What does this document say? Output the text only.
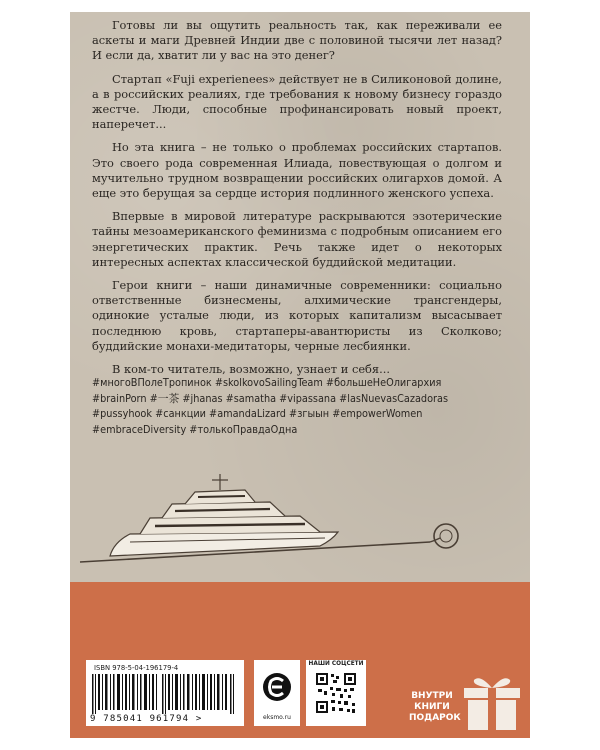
Готовы ли вы ощутить реальность так, как переживали ее аскеты и маги Древней Индии две с половиной тысячи лет назад? И если да, хватит ли у вас на это денег?

Стартап «Fuji experienees» действует не в Силиконовой долине, а в российских реалиях, где требования к новому бизнесу гораздо жестче. Люди, способные профинансировать новый проект, наперечет...

Но эта книга – не только о проблемах российских стартапов. Это своего рода современная Илиада, повествующая о долгом и мучительно трудном возвращении российских олигархов домой. А еще это берущая за сердце история подлинного женского успеха.

Впервые в мировой литературе раскрываются эзотерические тайны мезоамериканского феминизма с подробным описанием его энергетических практик. Речь также идет о некоторых интересных аспектах классической буддийской медитации.

Герои книги – наши динамичные современники: социально ответственные бизнесмены, алхимические трансгендеры, одинокие усталые люди, из которых капитализм высасывает последнюю кровь, стартаперы-авантюристы из Сколково; буддийские монахи-медитаторы, черные лесбиянки.

В ком-то читатель, возможно, узнает и себя...

#многоВПолеТропинок #skolkovoSailingTeam #большеНеОлигархия
#brainPorn #一茶 #jhanas #samatha #vipassana #lasNuevasCazadoras
#pussyhook #санкции #amandaLizard #згыын #empowerWomen
#embraceDiversity #толькоПравдаОдна
ISBN 978-5-04-196179-4
9 785041 961794 >	eksmo.ru
НАШИ СОЦСЕТИ
ВНУТРИ
КНИГИ
ПОДАРОК
